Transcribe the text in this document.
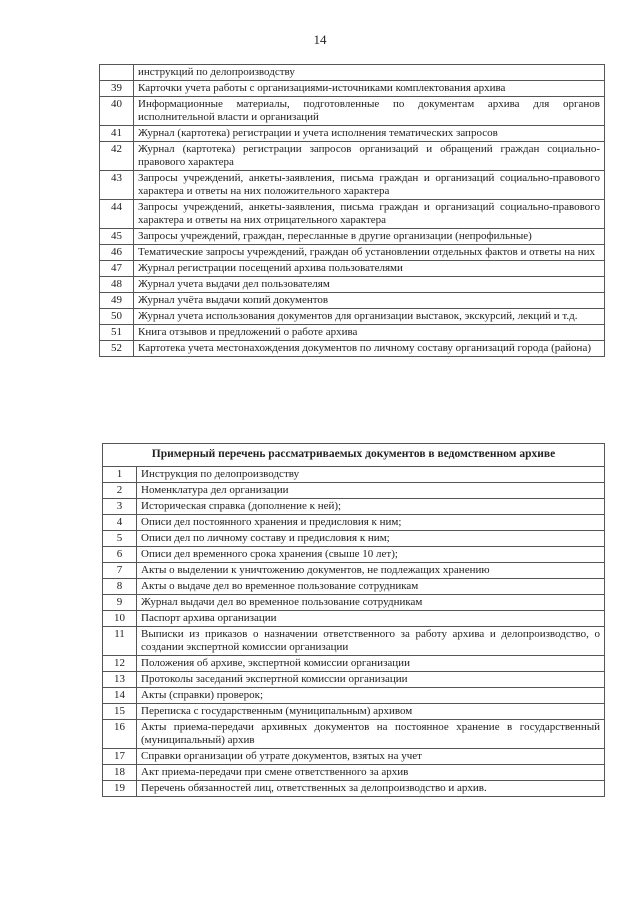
14
	инструкций по делопроизводству
39	Карточки учета работы с организациями-источниками комплектования архива
40	Информационные материалы, подготовленные по документам архива для органов исполнительной власти и организаций
41	Журнал (картотека) регистрации и учета исполнения тематических запросов
42	Журнал (картотека) регистрации запросов организаций и обращений граждан социально-правового характера
43	Запросы учреждений, анкеты-заявления, письма граждан и организаций социально-правового характера и ответы на них положительного характера
44	Запросы учреждений, анкеты-заявления, письма граждан и организаций социально-правового характера и ответы на них отрицательного характера
45	Запросы учреждений, граждан, пересланные в другие организации (непрофильные)
46	Тематические запросы учреждений, граждан об установлении отдельных фактов и ответы на них
47	Журнал регистрации посещений архива пользователями
48	Журнал учета выдачи дел пользователям
49	Журнал учёта выдачи копий документов
50	Журнал учета использования документов для организации выставок, экскурсий, лекций и т.д.
51	Книга отзывов и предложений о работе архива
52	Картотека учета местонахождения документов по личному составу организаций города (района)
Примерный перечень рассматриваемых документов в ведомственном архиве	
1	Инструкция по делопроизводству
2	Номенклатура дел организации
3	Историческая справка (дополнение к ней);
4	Описи дел постоянного хранения и предисловия к ним;
5	Описи дел по личному составу и предисловия к ним;
6	Описи дел временного срока хранения (свыше 10 лет);
7	Акты о выделении к уничтожению документов, не подлежащих хранению
8	Акты о выдаче дел во временное пользование сотрудникам
9	Журнал выдачи дел во временное пользование сотрудникам
10	Паспорт архива организации
11	Выписки из приказов о назначении ответственного за работу архива и делопроизводство, о создании экспертной комиссии организации
12	Положения об архиве, экспертной комиссии организации
13	Протоколы заседаний экспертной комиссии организации
14	Акты (справки) проверок;
15	Переписка с государственным (муниципальным) архивом
16	Акты приема-передачи архивных документов на постоянное хранение в государственный (муниципальный) архив
17	Справки организации об утрате документов, взятых на учет
18	Акт приема-передачи при смене ответственного за архив
19	Перечень обязанностей лиц, ответственных за делопроизводство и архив.
